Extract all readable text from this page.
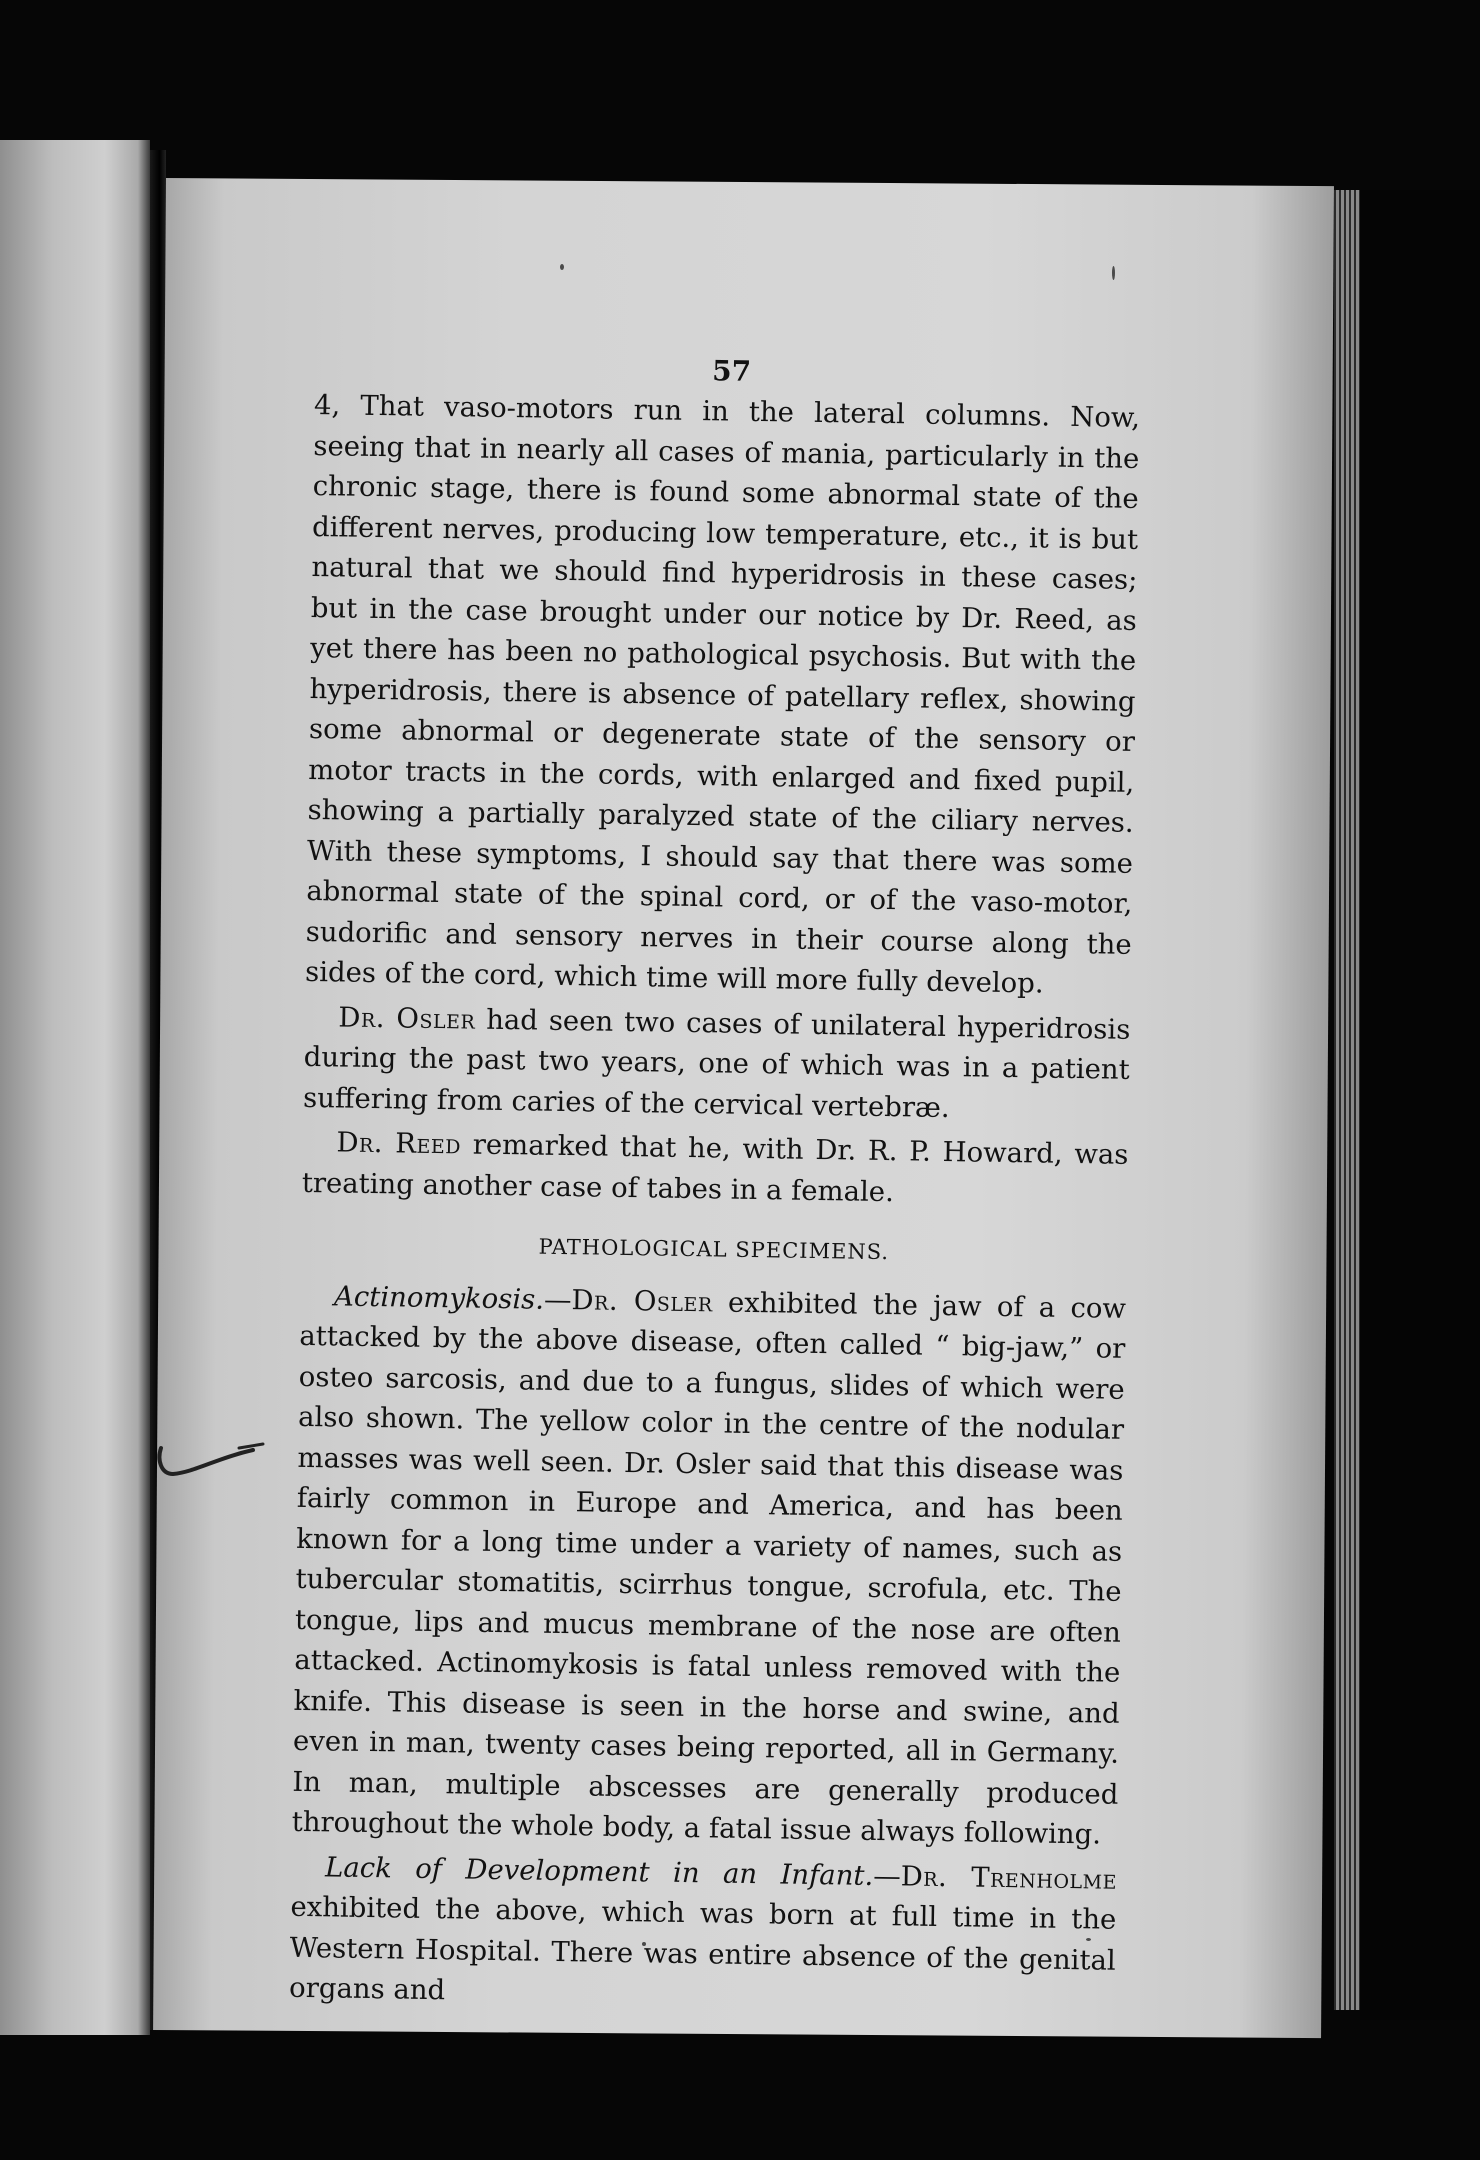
57

4, That vaso-motors run in the lateral columns. Now, seeing that in nearly all cases of mania, particularly in the chronic stage, there is found some abnormal state of the different nerves, producing low temperature, etc., it is but natural that we should find hyperidrosis in these cases; but in the case brought under our notice by Dr. Reed, as yet there has been no pathological psychosis. But with the hyperidrosis, there is absence of patellary reflex, showing some abnormal or degenerate state of the sensory or motor tracts in the cords, with enlarged and fixed pupil, showing a partially paralyzed state of the ciliary nerves. With these symptoms, I should say that there was some abnormal state of the spinal cord, or of the vaso-motor, sudorific and sensory nerves in their course along the sides of the cord, which time will more fully develop.

Dr. Osler had seen two cases of unilateral hyperidrosis during the past two years, one of which was in a patient suffering from caries of the cervical vertebræ.

Dr. Reed remarked that he, with Dr. R. P. Howard, was treating another case of tabes in a female.

PATHOLOGICAL SPECIMENS.

Actinomykosis.—Dr. Osler exhibited the jaw of a cow attacked by the above disease, often called “ big-jaw,” or osteo sarcosis, and due to a fungus, slides of which were also shown. The yellow color in the centre of the nodular masses was well seen. Dr. Osler said that this disease was fairly common in Europe and America, and has been known for a long time under a variety of names, such as tubercular stomatitis, scirrhus tongue, scrofula, etc. The tongue, lips and mucus membrane of the nose are often attacked. Actinomykosis is fatal unless removed with the knife. This disease is seen in the horse and swine, and even in man, twenty cases being reported, all in Germany. In man, multiple abscesses are generally produced throughout the whole body, a fatal issue always following.

Lack of Development in an Infant.—Dr. Trenholme exhibited the above, which was born at full time in the Western Hospital. There was entire absence of the genital organs and
